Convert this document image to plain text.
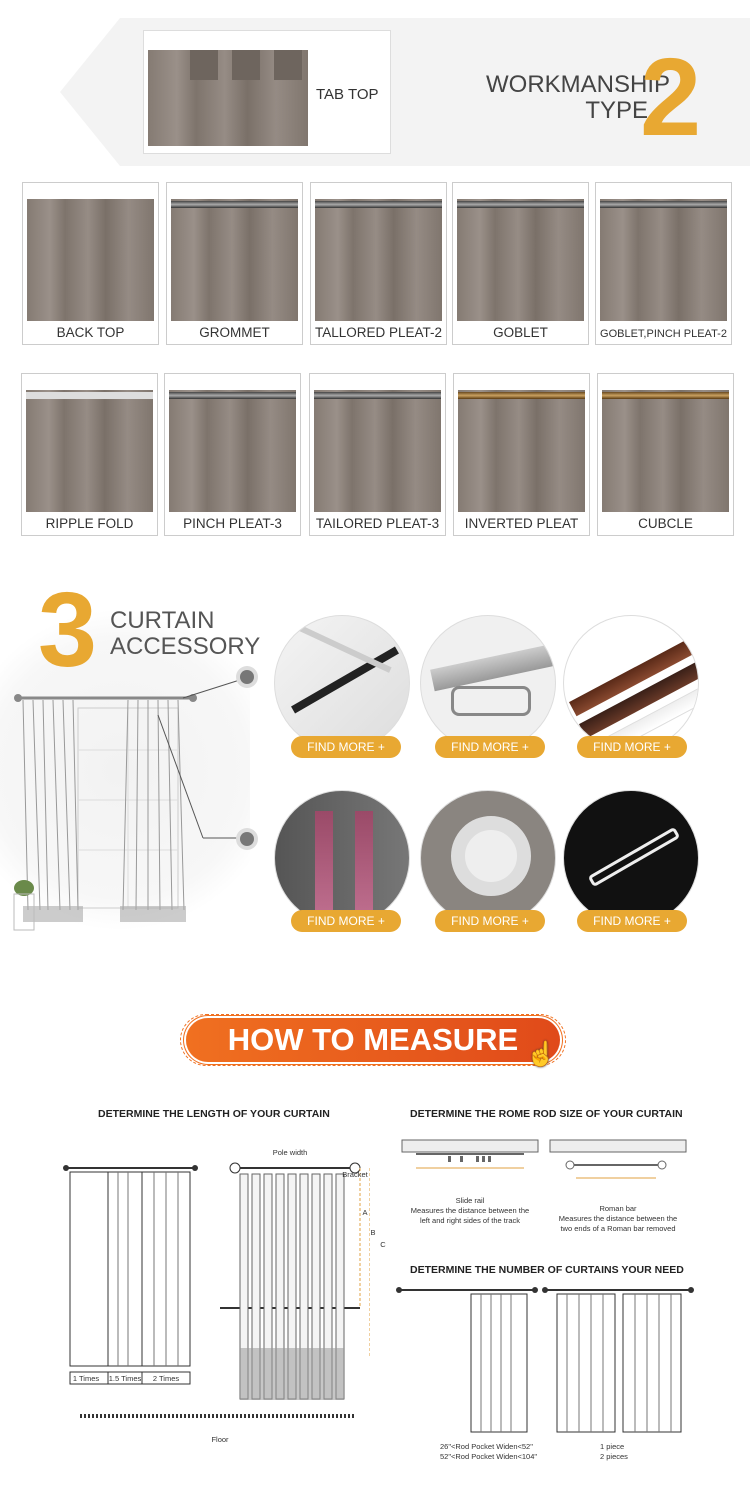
TAB TOP	WORKMANSHIP
TYPE
2
BACK TOP	GROMMET	TALLORED PLEAT-2	GOBLET	GOBLET,PINCH PLEAT-2
RIPPLE FOLD	PINCH PLEAT-3	TAILORED PLEAT-3	INVERTED PLEAT	CUBCLE
3 CURTAIN
ACCESSORY
FIND MORE +	FIND MORE +	FIND MORE +
FIND MORE +	FIND MORE +	FIND MORE +
HOW TO MEASURE ☝
DETERMINE THE LENGTH OF YOUR CURTAIN	DETERMINE THE ROME ROD SIZE OF YOUR CURTAIN
1 Times	1.5 Times	2 Times
Pole width
Bracket
A
B
C
Floor
Slide rail
Measures the distance between the
left and right sides of the track
Roman bar
Measures the distance between the
two ends of a Roman bar removed
DETERMINE THE NUMBER OF CURTAINS YOUR NEED
26"<Rod Pocket Widen<52"
52"<Rod Pocket Widen<104"
1 piece
2 pieces
